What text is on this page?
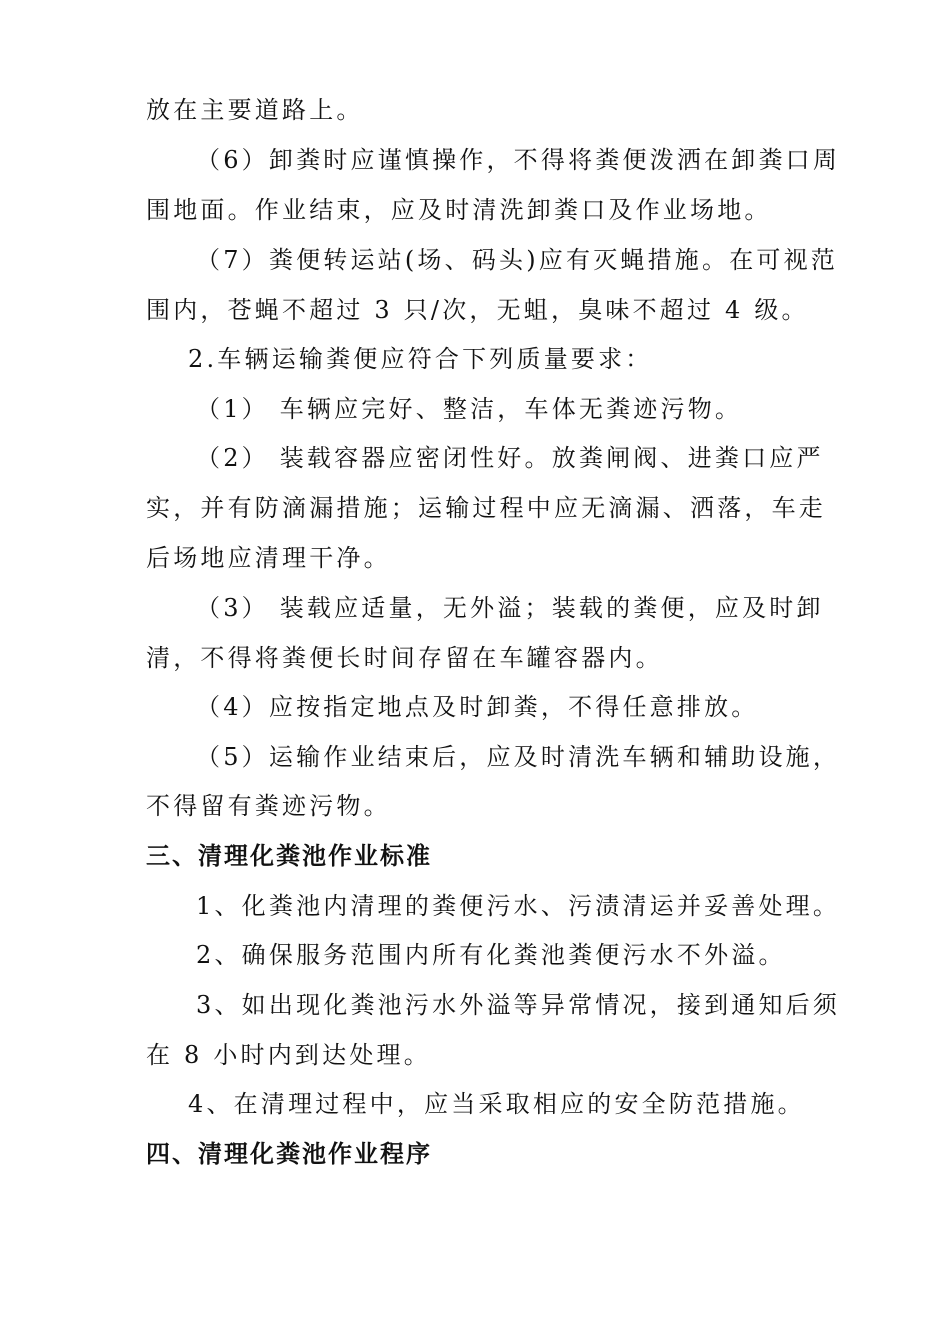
放在主要道路上。
（6）卸粪时应谨慎操作，不得将粪便泼洒在卸粪口周
围地面。作业结束，应及时清洗卸粪口及作业场地。
（7）粪便转运站(场、码头)应有灭蝇措施。在可视范
围内，苍蝇不超过 3 只/次，无蛆，臭味不超过 4 级。
2.车辆运输粪便应符合下列质量要求：
（1） 车辆应完好、整洁，车体无粪迹污物。
（2） 装载容器应密闭性好。放粪闸阀、进粪口应严
实，并有防滴漏措施；运输过程中应无滴漏、洒落，车走
后场地应清理干净。
（3） 装载应适量，无外溢；装载的粪便，应及时卸
清，不得将粪便长时间存留在车罐容器内。
（4）应按指定地点及时卸粪，不得任意排放。
（5）运输作业结束后，应及时清洗车辆和辅助设施，
不得留有粪迹污物。
三、清理化粪池作业标准
1、化粪池内清理的粪便污水、污渍清运并妥善处理。
2、确保服务范围内所有化粪池粪便污水不外溢。
3、如出现化粪池污水外溢等异常情况，接到通知后须
在 8 小时内到达处理。
4、在清理过程中，应当采取相应的安全防范措施。
四、清理化粪池作业程序
